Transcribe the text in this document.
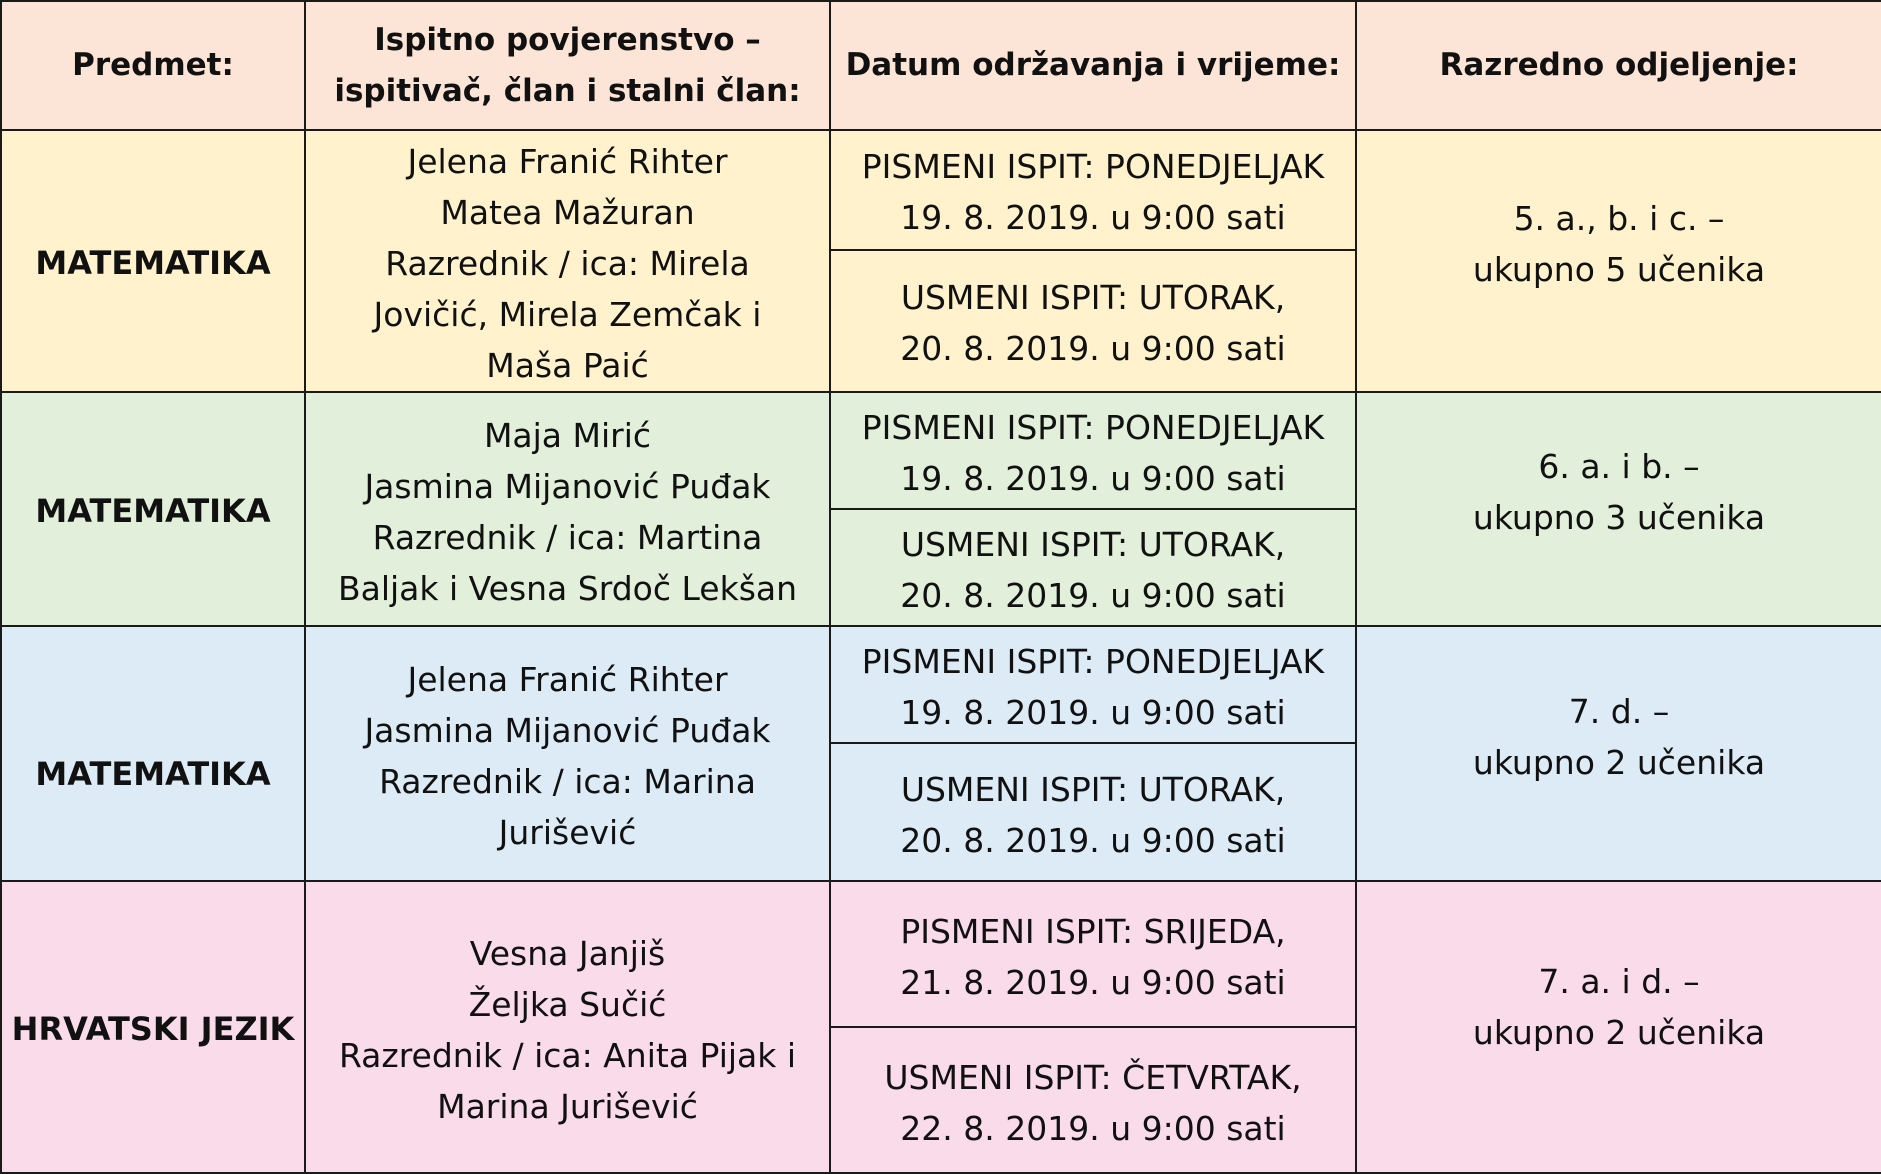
Predmet:	Ispitno povjerenstvo –
ispitivač, član i stalni član:	Datum održavanja i vrijeme:	Razredno odjeljenje:

MATEMATIKA	Jelena Franić Rihter
Matea Mažuran
Razrednik / ica: Mirela
Jovičić, Mirela Zemčak i
Maša Paić	PISMENI ISPIT: PONEDJELJAK
19. 8. 2019. u 9:00 sati	5. a., b. i c. –
ukupno 5 učenika

		USMENI ISPIT: UTORAK,
20. 8. 2019. u 9:00 sati	

MATEMATIKA	Maja Mirić
Jasmina Mijanović Puđak
Razrednik / ica: Martina
Baljak i Vesna Srdoč Lekšan	PISMENI ISPIT: PONEDJELJAK
19. 8. 2019. u 9:00 sati	6. a. i b. –
ukupno 3 učenika

		USMENI ISPIT: UTORAK,
20. 8. 2019. u 9:00 sati	

MATEMATIKA	Jelena Franić Rihter
Jasmina Mijanović Puđak
Razrednik / ica: Marina
Jurišević	PISMENI ISPIT: PONEDJELJAK
19. 8. 2019. u 9:00 sati	7. d. –
ukupno 2 učenika

		USMENI ISPIT: UTORAK,
20. 8. 2019. u 9:00 sati	

HRVATSKI JEZIK	Vesna Janjiš
Željka Sučić
Razrednik / ica: Anita Pijak i
Marina Jurišević	PISMENI ISPIT: SRIJEDA,
21. 8. 2019. u 9:00 sati	7. a. i d. –
ukupno 2 učenika

		USMENI ISPIT: ČETVRTAK,
22. 8. 2019. u 9:00 sati	
